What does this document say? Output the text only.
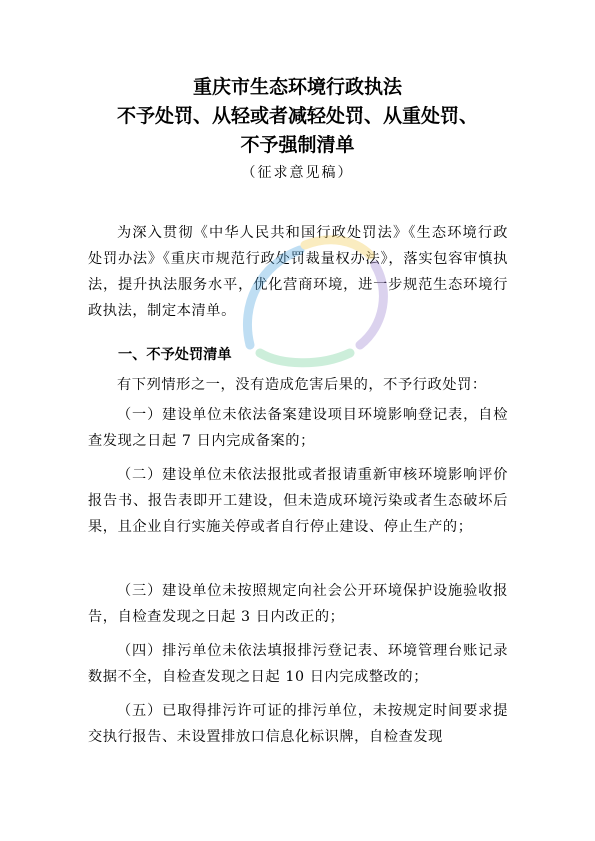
重庆市生态环境行政执法
不予处罚、从轻或者减轻处罚、从重处罚、
不予强制清单
（征求意见稿）
为深入贯彻《中华人民共和国行政处罚法》《生态环境行政处罚办法》《重庆市规范行政处罚裁量权办法》，落实包容审慎执法，提升执法服务水平，优化营商环境，进一步规范生态环境行政执法，制定本清单。
一、不予处罚清单
有下列情形之一，没有造成危害后果的，不予行政处罚：
（一）建设单位未依法备案建设项目环境影响登记表，自检查发现之日起 7 日内完成备案的；
（二）建设单位未依法报批或者报请重新审核环境影响评价报告书、报告表即开工建设，但未造成环境污染或者生态破坏后果，且企业自行实施关停或者自行停止建设、停止生产的；
（三）建设单位未按照规定向社会公开环境保护设施验收报告，自检查发现之日起 3 日内改正的；
（四）排污单位未依法填报排污登记表、环境管理台账记录数据不全，自检查发现之日起 10 日内完成整改的；
（五）已取得排污许可证的排污单位，未按规定时间要求提交执行报告、未设置排放口信息化标识牌，自检查发现
